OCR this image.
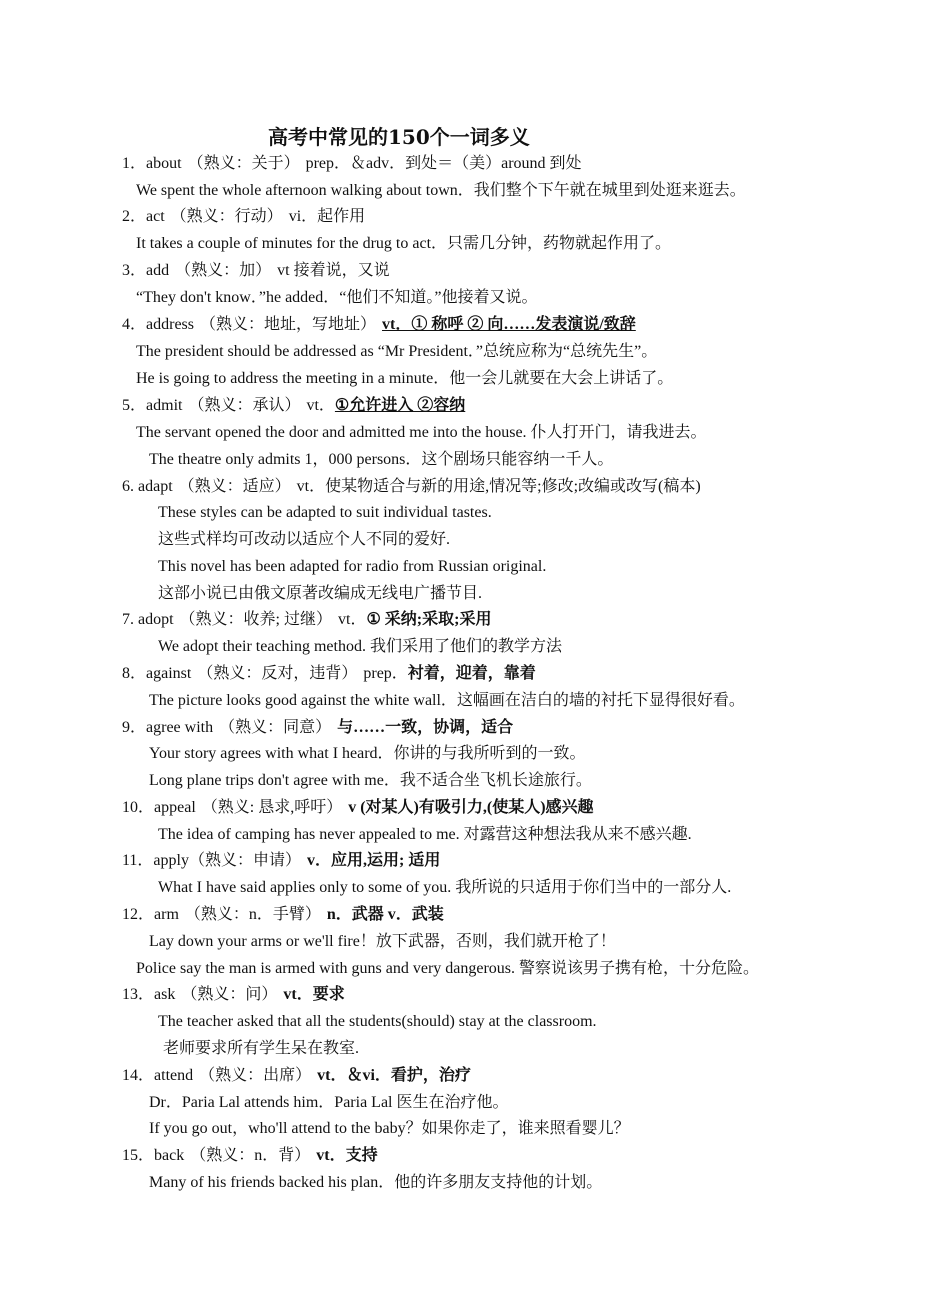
高考中常见的150个一词多义
1．about （熟义：关于） prep．＆adv．到处＝（美）around 到处
We spent the whole afternoon walking about town．我们整个下午就在城里到处逛来逛去。
2．act （熟义：行动） vi．起作用
It takes a couple of minutes for the drug to act．只需几分钟，药物就起作用了。
3．add （熟义：加） vt 接着说，又说
“They don't know．”he added．“他们不知道。”他接着又说。
4．address （熟义：地址，写地址） vt．① 称呼 ② 向……发表演说/致辞
The president should be addressed as “Mr President．”总统应称为“总统先生”。
He is going to address the meeting in a minute．他一会儿就要在大会上讲话了。
5．admit （熟义：承认） vt．①允许进入 ②容纳
The servant opened the door and admitted me into the house. 仆人打开门，请我进去。
The theatre only admits 1，000 persons．这个剧场只能容纳一千人。
6. adapt （熟义：适应） vt．使某物适合与新的用途,情况等;修改;改编或改写(稿本)
These styles can be adapted to suit individual tastes.
这些式样均可改动以适应个人不同的爱好.
This novel has been adapted for radio from Russian original.
这部小说已由俄文原著改编成无线电广播节目.
7. adopt （熟义：收养; 过继） vt．① 采纳;采取;采用
We adopt their teaching method. 我们采用了他们的教学方法
8．against （熟义：反对，违背） prep．衬着，迎着，靠着
The picture looks good against the white wall．这幅画在洁白的墙的衬托下显得很好看。
9．agree with （熟义：同意） 与……一致，协调，适合
Your story agrees with what I heard．你讲的与我所听到的一致。
Long plane trips don't agree with me．我不适合坐飞机长途旅行。
10．appeal （熟义: 恳求,呼吁） v (对某人)有吸引力,(使某人)感兴趣
The idea of camping has never appealed to me. 对露营这种想法我从来不感兴趣.
11．apply（熟义：申请） v．应用,运用; 适用
What I have said applies only to some of you. 我所说的只适用于你们当中的一部分人.
12．arm （熟义：n．手臂） n．武器 v．武装
Lay down your arms or we'll fire！放下武器，否则，我们就开枪了！
Police say the man is armed with guns and very dangerous. 警察说该男子携有枪，十分危险。
13．ask （熟义：问） vt．要求
The teacher asked that all the students(should) stay at the classroom.
老师要求所有学生呆在教室.
14．attend （熟义：出席） vt．＆vi．看护，治疗
Dr．Paria Lal attends him．Paria Lal 医生在治疗他。
If you go out，who'll attend to the baby？如果你走了，谁来照看婴儿？
15．back （熟义：n．背） vt．支持
Many of his friends backed his plan．他的许多朋友支持他的计划。
